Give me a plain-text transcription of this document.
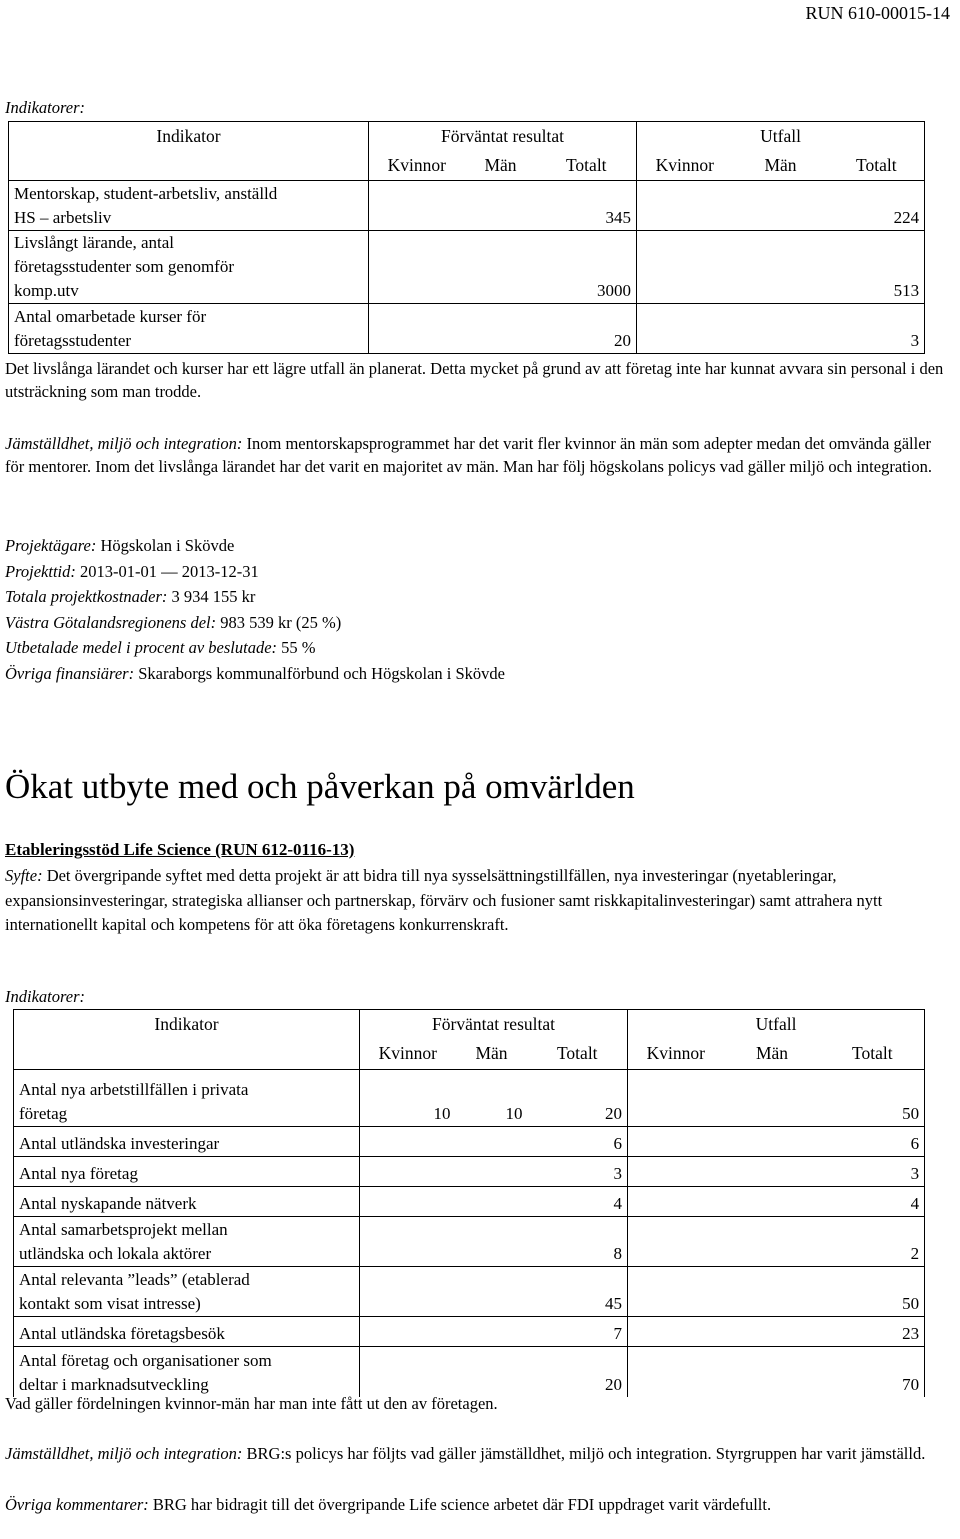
RUN 610-00015-14
Indikatorer:
Indikator	Förväntat resultat			Utfall		
	Kvinnor	Män	Totalt	Kvinnor	Män	Totalt

Mentorskap, student-arbetsliv, anställd
HS – arbetsliv			345			224

Livslångt lärande, antal
företagsstudenter som genomför
komp.utv			3000			513

Antal omarbetade kurser för
företagsstudenter			20			3

Det livslånga lärandet och kurser har ett lägre utfall än planerat. Detta mycket på grund av att företag inte har kunnat avvara sin personal i den utsträckning som man trodde.

Jämställdhet, miljö och integration: Inom mentorskapsprogrammet har det varit fler kvinnor än män som adepter medan det omvända gäller för mentorer. Inom det livslånga lärandet har det varit en majoritet av män. Man har följ högskolans policys vad gäller miljö och integration.

Projektägare: Högskolan i Skövde
Projekttid: 2013-01-01 — 2013-12-31
Totala projektkostnader: 3 934 155 kr
Västra Götalandsregionens del: 983 539 kr (25 %)
Utbetalade medel i procent av beslutade: 55 %
Övriga finansiärer: Skaraborgs kommunalförbund och Högskolan i Skövde
Ökat utbyte med och påverkan på omvärlden
Etableringsstöd Life Science (RUN 612-0116-13)

Syfte: Det övergripande syftet med detta projekt är att bidra till nya sysselsättningstillfällen, nya investeringar (nyetableringar, expansionsinvesteringar, strategiska allianser och partnerskap, förvärv och fusioner samt riskkapitalinvesteringar) samt attrahera nytt internationellt kapital och kompetens för att öka företagens konkurrenskraft.

Indikatorer:
Indikator	Förväntat resultat			Utfall		
	Kvinnor	Män	Totalt	Kvinnor	Män	Totalt

Antal nya arbetstillfällen i privata
företag	10	10	20			50

Antal utländska investeringar			6			6

Antal nya företag			3			3

Antal nyskapande nätverk			4			4

Antal samarbetsprojekt mellan
utländska och lokala aktörer			8			2

Antal relevanta ”leads” (etablerad
kontakt som visat intresse)			45			50

Antal utländska företagsbesök			7			23

Antal företag och organisationer som
deltar i marknadsutveckling			20			70

Vad gäller fördelningen kvinnor-män har man inte fått ut den av företagen.

Jämställdhet, miljö och integration: BRG:s policys har följts vad gäller jämställdhet, miljö och integration. Styrgruppen har varit jämställd.

Övriga kommentarer: BRG har bidragit till det övergripande Life science arbetet där FDI uppdraget varit värdefullt.
